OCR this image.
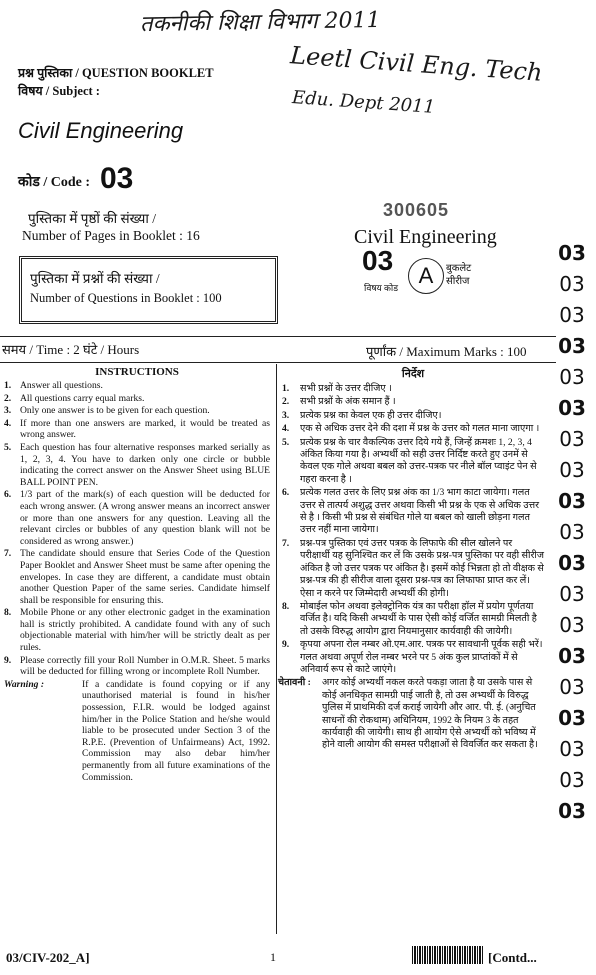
तकनीकी शिक्षा विभाग 2011
Leetl Civil Eng. Tech
Edu. Dept 2011
प्रश्न पुस्तिका / QUESTION BOOKLET
विषय / Subject :
Civil Engineering
कोड / Code : 03
पुस्तिका में पृष्ठों की संख्या /
Number of Pages in Booklet : 16
पुस्तिका में प्रश्नों की संख्या /
Number of Questions in Booklet : 100
300605
Civil Engineering
03
विषय कोड A	बुकलेट सीरीज
03
03
03
03
03
03
03
03
03
03
03
03
03
03
03
03
03
03
03
समय / Time : 2 घंटे / Hours	पूर्णांक / Maximum Marks : 100
INSTRUCTIONS
1. Answer all questions.
2. All questions carry equal marks.
3. Only one answer is to be given for each question.
4. If more than one answers are marked, it would be treated as wrong answer.
5. Each question has four alternative responses marked serially as 1, 2, 3, 4. You have to darken only one circle or bubble indicating the correct answer on the Answer Sheet using BLUE BALL POINT PEN.
6. 1/3 part of the mark(s) of each question will be deducted for each wrong answer. (A wrong answer means an incorrect answer or more than one answers for any question. Leaving all the relevant circles or bubbles of any question blank will not be considered as wrong answer.)
7. The candidate should ensure that Series Code of the Question Paper Booklet and Answer Sheet must be same after opening the envelopes. In case they are different, a candidate must obtain another Question Paper of the same series. Candidate himself shall be responsible for ensuring this.
8. Mobile Phone or any other electronic gadget in the examination hall is strictly prohibited. A candidate found with any of such objectionable material with him/her will be strictly dealt as per rules.
9. Please correctly fill your Roll Number in O.M.R. Sheet. 5 marks will be deducted for filling wrong or incomplete Roll Number.
Warning :	If a candidate is found copying or if any unauthorised material is found in his/her possession, F.I.R. would be lodged against him/her in the Police Station and he/she would liable to be prosecuted under Section 3 of the R.P.E. (Prevention of Unfairmeans) Act, 1992. Commission may also debar him/her permanently from all future examinations of the Commission.
निर्देश
1. सभी प्रश्नों के उत्तर दीजिए ।
2. सभी प्रश्नों के अंक समान हैं ।
3. प्रत्येक प्रश्न का केवल एक ही उत्तर दीजिए।
4. एक से अधिक उत्तर देने की दशा में प्रश्न के उत्तर को गलत माना जाएगा ।
5. प्रत्येक प्रश्न के चार वैकल्पिक उत्तर दिये गये हैं, जिन्हें क्रमशः 1, 2, 3, 4 अंकित किया गया है। अभ्यर्थी को सही उत्तर निर्दिष्ट करते हुए उनमें से केवल एक गोले अथवा बबल को उत्तर-पत्रक पर नीले बॉल प्वाइंट पेन से गहरा करना है ।
6. प्रत्येक गलत उत्तर के लिए प्रश्न अंक का 1/3 भाग काटा जायेगा। गलत उत्तर से तात्पर्य अशुद्ध उत्तर अथवा किसी भी प्रश्न के एक से अधिक उत्तर से है । किसी भी प्रश्न से संबंधित गोले या बबल को खाली छोड़ना गलत उत्तर नहीं माना जायेगा।
7. प्रश्न-पत्र पुस्तिका एवं उत्तर पत्रक के लिफाफे की सील खोलने पर परीक्षार्थी यह सुनिश्चित कर लें कि उसके प्रश्न-पत्र पुस्तिका पर वही सीरीज अंकित है जो उत्तर पत्रक पर अंकित है। इसमें कोई भिन्नता हो तो वीक्षक से प्रश्न-पत्र की ही सीरीज वाला दूसरा प्रश्न-पत्र का लिफाफा प्राप्त कर लें। ऐसा न करने पर जिम्मेदारी अभ्यर्थी की होगी।
8. मोबाईल फोन अथवा इलेक्ट्रोनिक यंत्र का परीक्षा हॉल में प्रयोग पूर्णतया वर्जित है। यदि किसी अभ्यर्थी के पास ऐसी कोई वर्जित सामग्री मिलती है तो उसके विरुद्ध आयोग द्वारा नियमानुसार कार्यवाही की जायेगी।
9. कृपया अपना रोल नम्बर ओ.एम.आर. पत्रक पर सावधानी पूर्वक सही भरें। गलत अथवा अपूर्ण रोल नम्बर भरने पर 5 अंक कुल प्राप्तांकों में से अनिवार्य रूप से काटे जाएंगे।
चेतावनी : अगर कोई अभ्यर्थी नकल करते पकड़ा जाता है या उसके पास से कोई अनधिकृत सामग्री पाई जाती है, तो उस अभ्यर्थी के विरुद्ध पुलिस में प्राथमिकी दर्ज कराई जायेगी और आर. पी. ई. (अनुचित साधनों की रोकथाम) अधिनियम, 1992 के नियम 3 के तहत कार्यवाही की जायेगी। साथ ही आयोग ऐसे अभ्यर्थी को भविष्य में होने वाली आयोग की समस्त परीक्षाओं से विवर्जित कर सकता है।
03/CIV-202_A]	1	[Contd...
